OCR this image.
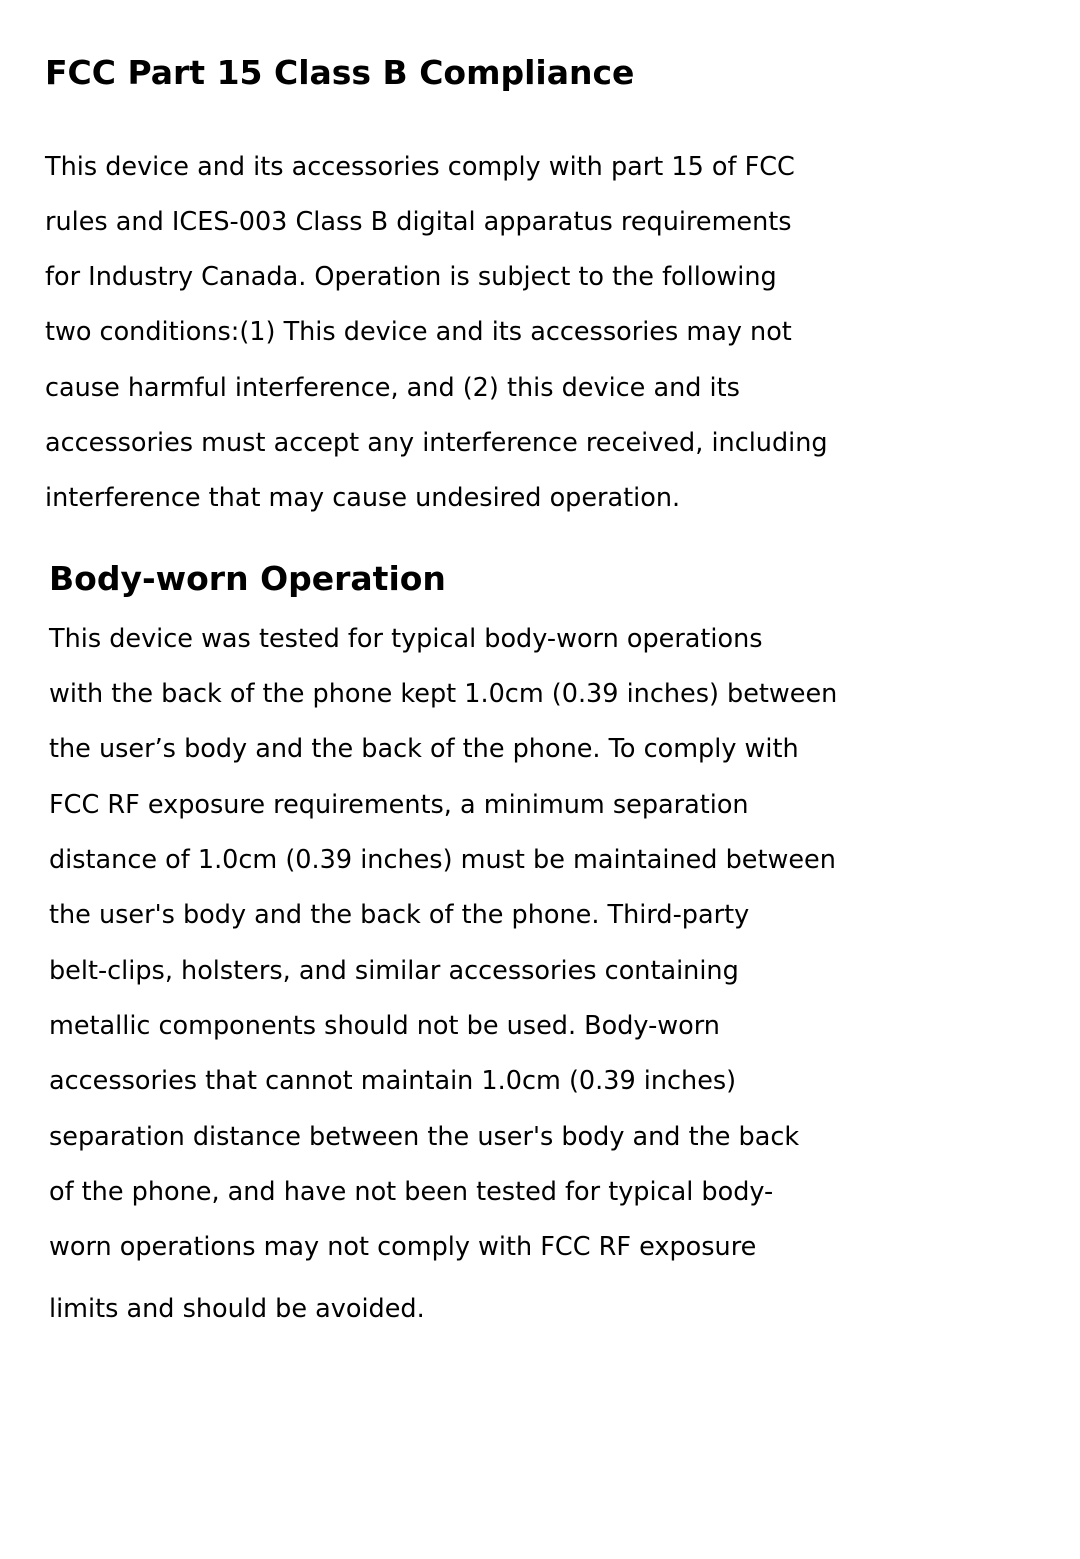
FCC Part 15 Class B Compliance

This device and its accessories comply with part 15 of FCC

rules and ICES-003 Class B digital apparatus requirements

for Industry Canada. Operation is subject to the following

two conditions:(1) This device and its accessories may not

cause harmful interference, and (2) this device and its

accessories must accept any interference received, including

interference that may cause undesired operation.

Body-worn Operation

This device was tested for typical body-worn operations

with the back of the phone kept 1.0cm (0.39 inches) between

the user’s body and the back of the phone. To comply with

FCC RF exposure requirements, a minimum separation

distance of 1.0cm (0.39 inches) must be maintained between

the user's body and the back of the phone. Third-party

belt-clips, holsters, and similar accessories containing

metallic components should not be used. Body-worn

accessories that cannot maintain 1.0cm (0.39 inches)

separation distance between the user's body and the back

of the phone, and have not been tested for typical body-

worn operations may not comply with FCC RF exposure

limits and should be avoided.
